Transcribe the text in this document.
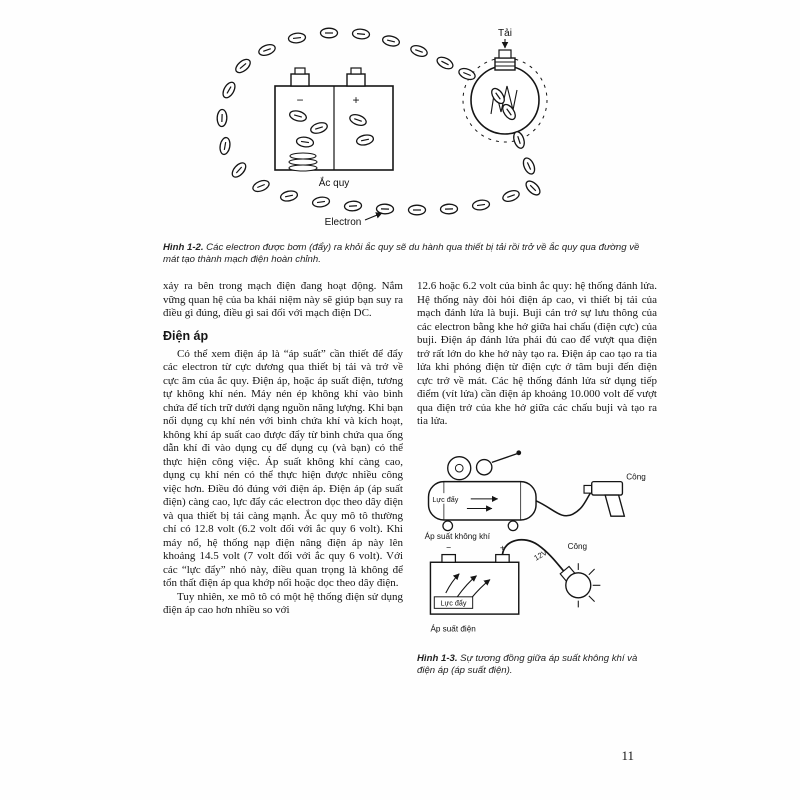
−	+
Ắc quy
Tải
Electron
Hình 1-2. Các electron được bơm (đẩy) ra khỏi ắc quy sẽ du hành qua thiết bị tải rồi trở về ắc quy qua đường về mát tạo thành mạch điện hoàn chỉnh.

xảy ra bên trong mạch điện đang hoạt động. Nắm vững quan hệ của ba khái niệm này sẽ giúp bạn suy ra điều gì đúng, điều gì sai đối với mạch điện DC.

Điện áp

Có thể xem điện áp là “áp suất” cần thiết để đẩy các electron từ cực dương qua thiết bị tải và trở về cực âm của ắc quy. Điện áp, hoặc áp suất điện, tương tự không khí nén. Máy nén ép không khí vào bình chứa để tích trữ dưới dạng nguồn năng lượng. Khi bạn nối dụng cụ khí nén với bình chứa khí và kích hoạt, không khí áp suất cao được đẩy từ bình chứa qua ống dẫn khí đi vào dụng cụ để dụng cụ (và bạn) có thể thực hiện công việc. Áp suất không khí càng cao, dụng cụ khí nén có thể thực hiện được nhiều công việc hơn. Điều đó đúng với điện áp. Điện áp (áp suất điện) càng cao, lực đẩy các electron dọc theo dây điện và qua thiết bị tải càng mạnh. Ắc quy mô tô thường chỉ có 12.8 volt (6.2 volt đối với ắc quy 6 volt). Khi máy nổ, hệ thống nạp điện nâng điện áp này lên khoảng 14.5 volt (7 volt đối với ắc quy 6 volt). Với các “lực đẩy” nhỏ này, điều quan trọng là không để tổn thất điện áp qua khớp nối hoặc dọc theo dây điện.

Tuy nhiên, xe mô tô có một hệ thống điện sử dụng điện áp cao hơn nhiều so với

12.6 hoặc 6.2 volt của bình ắc quy: hệ thống đánh lửa. Hệ thống này đòi hỏi điện áp cao, vì thiết bị tải của mạch đánh lửa là buji. Buji cản trở sự lưu thông của các electron bằng khe hở giữa hai chấu (điện cực) của buji. Điện áp đánh lửa phải đủ cao để vượt qua điện trở rất lớn do khe hở này tạo ra. Điện áp cao tạo ra tia lửa khi phóng điện từ điện cực ở tâm buji đến điện cực trở về mát. Các hệ thống đánh lửa sử dụng tiếp điểm (vít lửa) cần điện áp khoảng 10.000 volt để vượt qua điện trở của khe hở giữa các chấu buji và tạo ra tia lửa.

Lực đẩy
Công
Áp suất không khí
−	+
Lực đẩy
Công
12V
Áp suất điện
Hình 1-3. Sự tương đồng giữa áp suất không khí và điện áp (áp suất điện).
11
